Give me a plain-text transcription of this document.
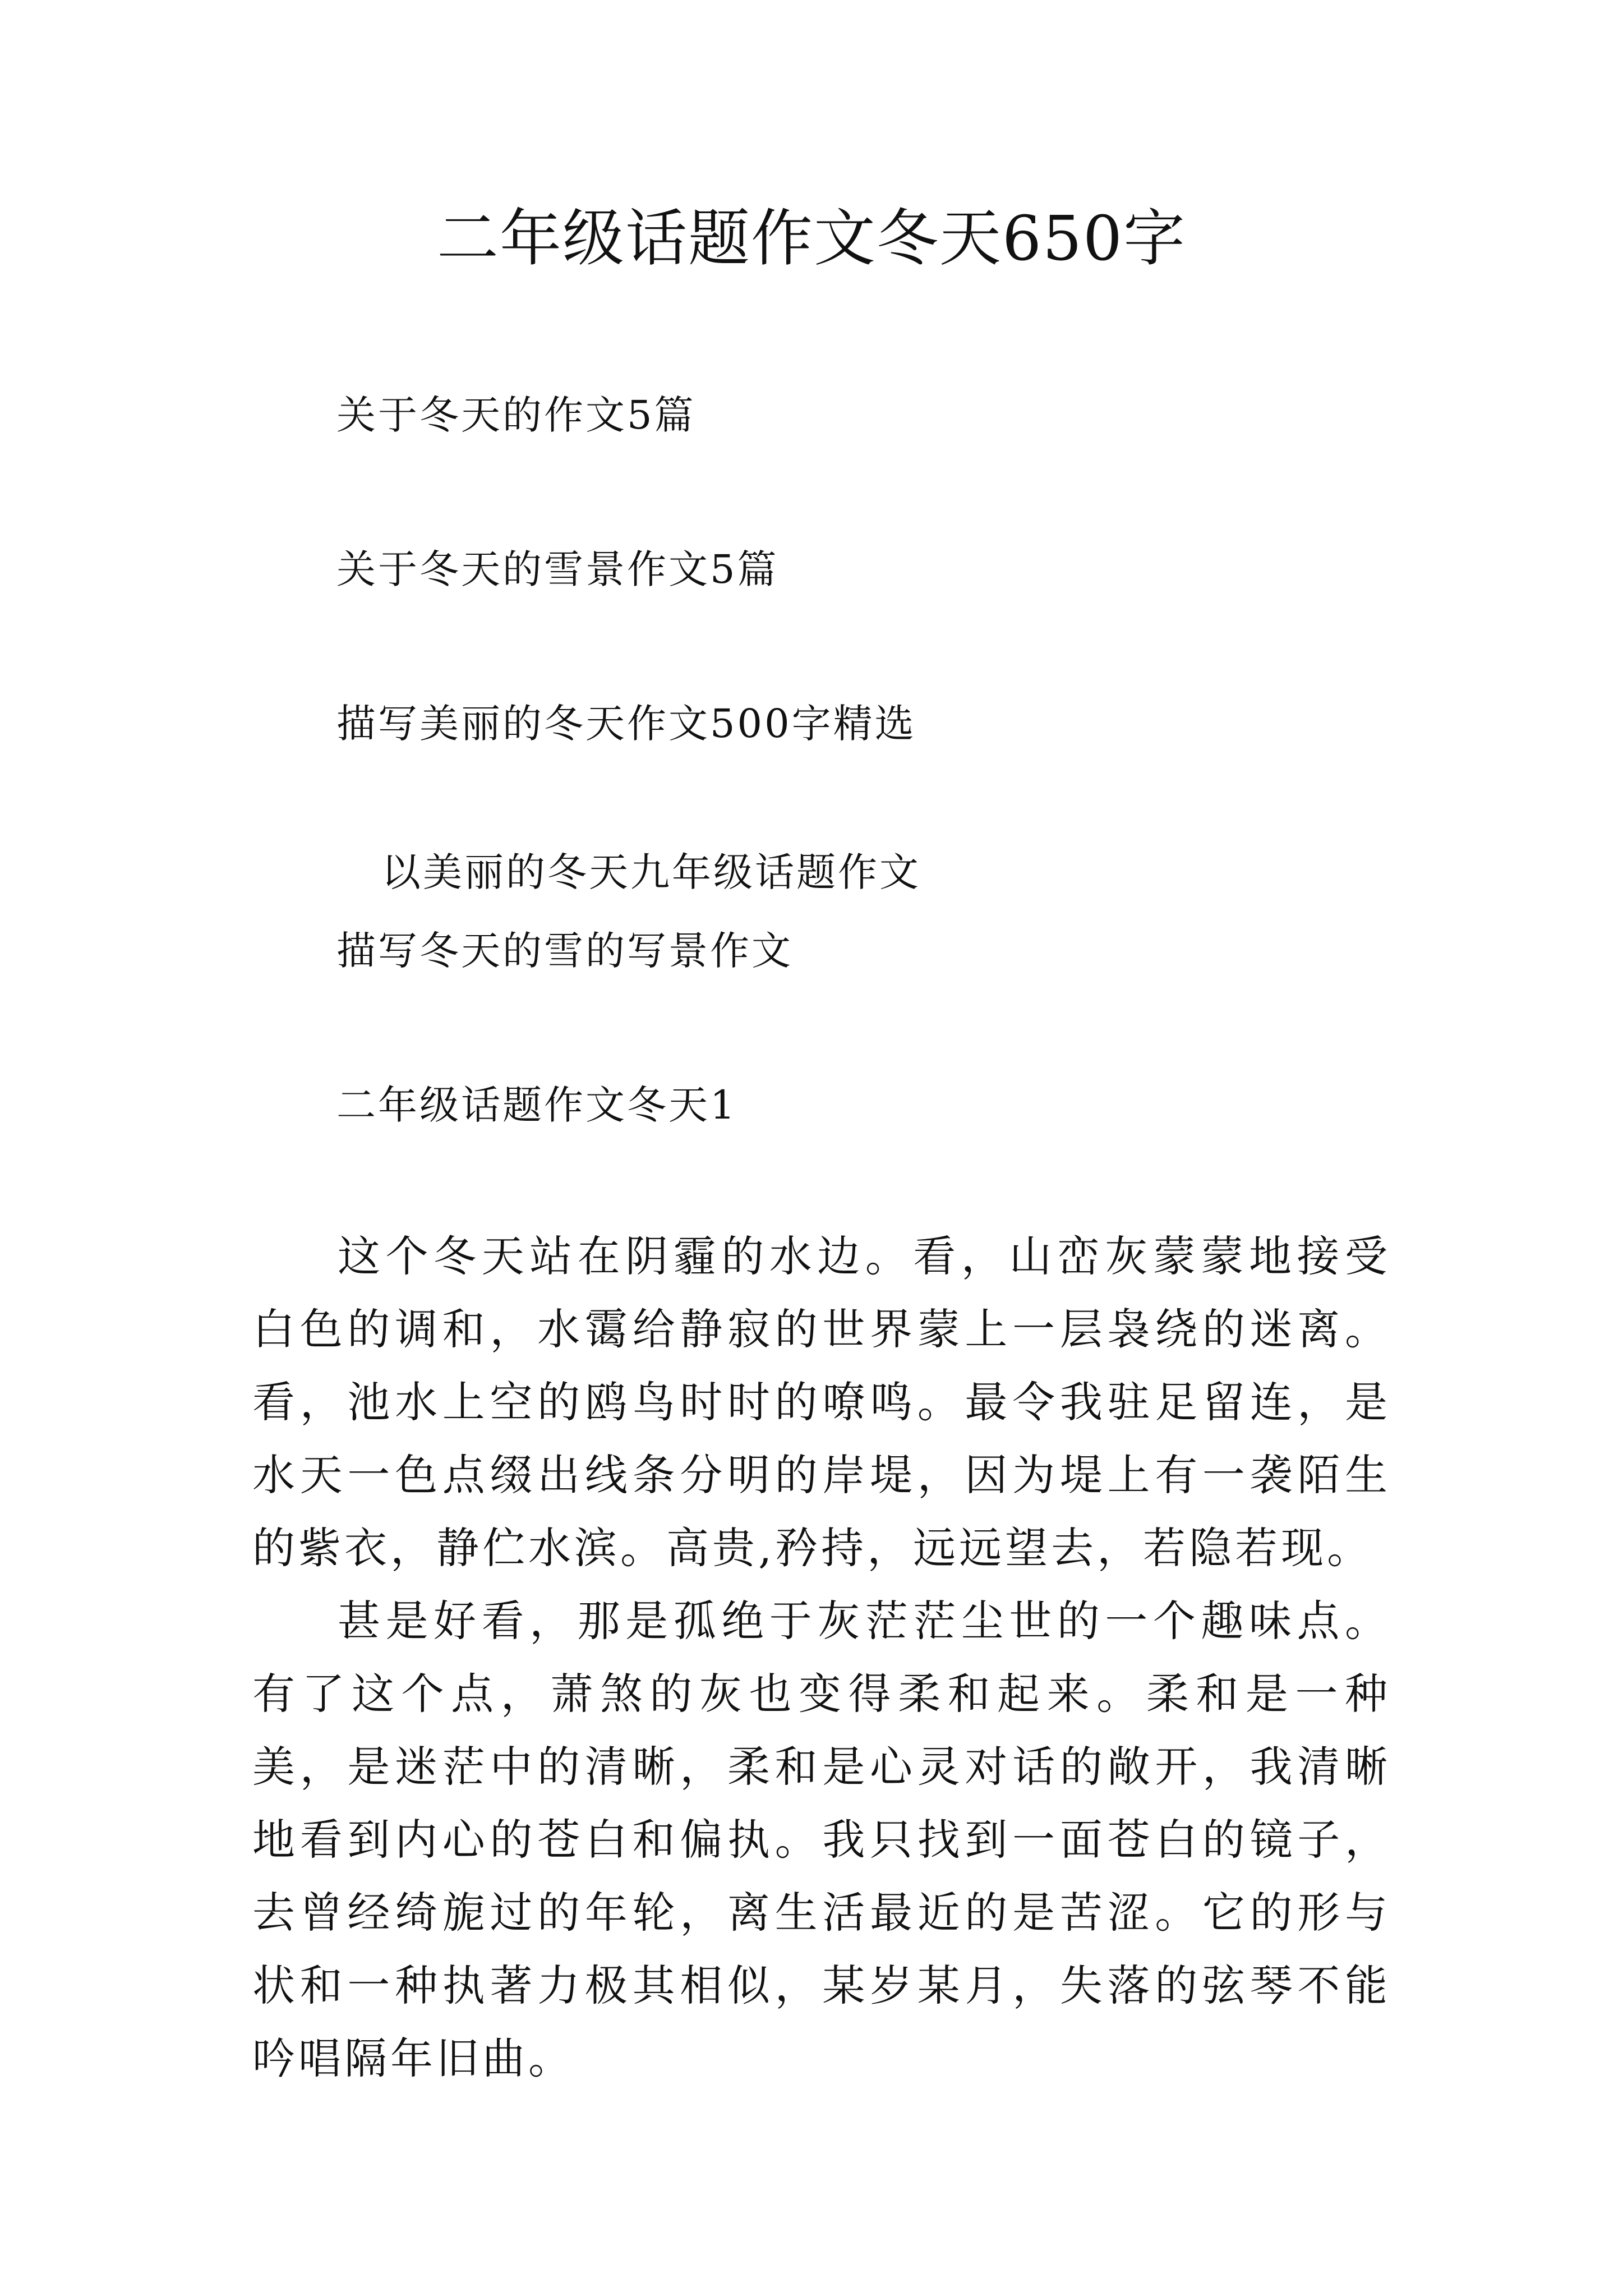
二年级话题作文冬天650字
关于冬天的作文5篇
关于冬天的雪景作文5篇
描写美丽的冬天作文500字精选
以美丽的冬天九年级话题作文
描写冬天的雪的写景作文
二年级话题作文冬天1

这个冬天站在阴霾的水边。看，山峦灰蒙蒙地接受白色的调和，水霭给静寂的世界蒙上一层袅绕的迷离。看，池水上空的鸥鸟时时的嘹鸣。最令我驻足留连，是水天一色点缀出线条分明的岸堤，因为堤上有一袭陌生的紫衣，静伫水滨。高贵,矜持，远远望去，若隐若现。

甚是好看，那是孤绝于灰茫茫尘世的一个趣味点。有了这个点，萧煞的灰也变得柔和起来。柔和是一种美，是迷茫中的清晰，柔和是心灵对话的敞开，我清晰地看到内心的苍白和偏执。我只找到一面苍白的镜子，去曾经绮旎过的年轮，离生活最近的是苦涩。它的形与状和一种执著力极其相似，某岁某月，失落的弦琴不能吟唱隔年旧曲。
